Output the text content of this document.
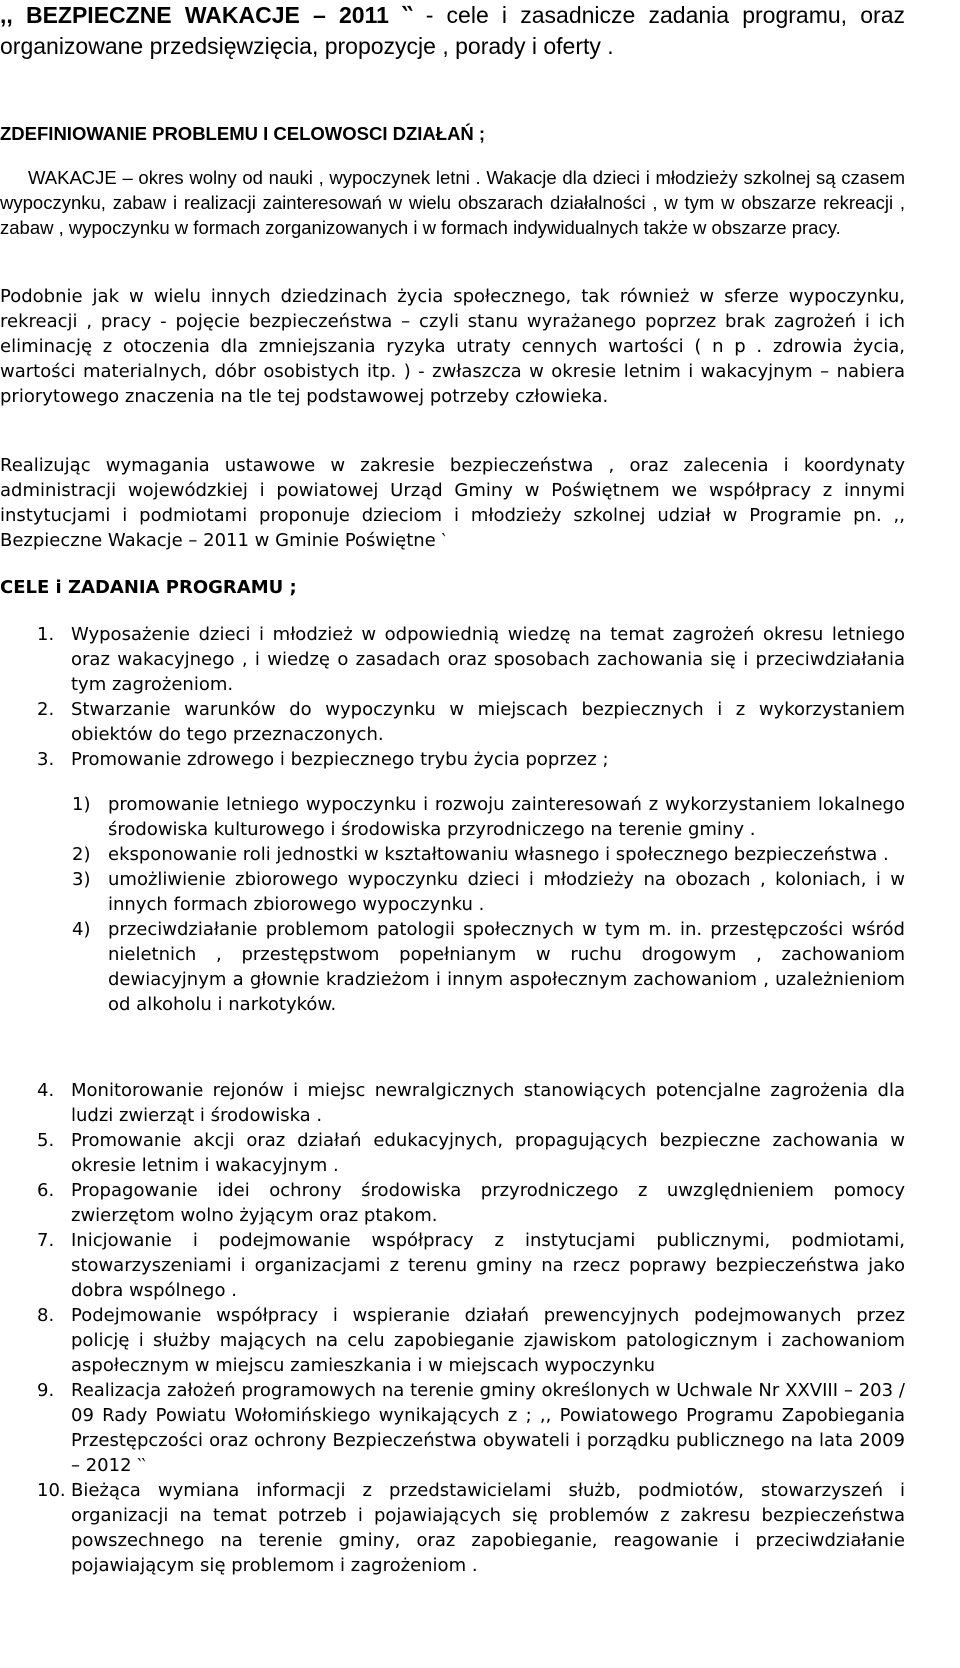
,, BEZPIECZNE WAKACJE – 2011 ‵‵ - cele i zasadnicze zadania programu, oraz organizowane przedsięwzięcia, propozycje , porady i oferty .
ZDEFINIOWANIE PROBLEMU I CELOWOSCI DZIAŁAŃ ;
WAKACJE – okres wolny od nauki , wypoczynek letni . Wakacje dla dzieci i młodzieży szkolnej są czasem wypoczynku, zabaw i realizacji zainteresowań w wielu obszarach działalności , w tym w obszarze rekreacji , zabaw , wypoczynku w formach zorganizowanych i w formach indywidualnych także w obszarze pracy.
Podobnie jak w wielu innych dziedzinach życia społecznego, tak również w sferze wypoczynku, rekreacji , pracy - pojęcie bezpieczeństwa – czyli stanu wyrażanego poprzez brak zagrożeń i ich eliminację z otoczenia dla zmniejszania ryzyka utraty cennych wartości ( n p . zdrowia życia, wartości materialnych, dóbr osobistych itp. ) - zwłaszcza w okresie letnim i wakacyjnym – nabiera priorytowego znaczenia na tle tej podstawowej potrzeby człowieka.
Realizując wymagania ustawowe w zakresie bezpieczeństwa , oraz zalecenia i koordynaty administracji wojewódzkiej i powiatowej Urząd Gminy w Poświętnem we współpracy z innymi instytucjami i podmiotami proponuje dzieciom i młodzieży szkolnej udział w Programie pn. ,, Bezpieczne Wakacje – 2011 w Gminie Poświętne ‵
CELE i ZADANIA PROGRAMU ;
1. Wyposażenie dzieci i młodzież w odpowiednią wiedzę na temat zagrożeń okresu letniego oraz wakacyjnego , i wiedzę o zasadach oraz sposobach zachowania się i przeciwdziałania tym zagrożeniom.
2. Stwarzanie warunków do wypoczynku w miejscach bezpiecznych i z wykorzystaniem obiektów do tego przeznaczonych.
3. Promowanie zdrowego i bezpiecznego trybu życia poprzez ;
1) promowanie letniego wypoczynku i rozwoju zainteresowań z wykorzystaniem lokalnego środowiska kulturowego i środowiska przyrodniczego na terenie gminy .
2) eksponowanie roli jednostki w kształtowaniu własnego i społecznego bezpieczeństwa .
3) umożliwienie zbiorowego wypoczynku dzieci i młodzieży na obozach , koloniach, i w innych formach zbiorowego wypoczynku .
4) przeciwdziałanie problemom patologii społecznych w tym m. in. przestępczości wśród nieletnich , przestępstwom popełnianym w ruchu drogowym , zachowaniom dewiacyjnym a głownie kradzieżom i innym aspołecznym zachowaniom , uzależnieniom od alkoholu i narkotyków.
4. Monitorowanie rejonów i miejsc newralgicznych stanowiących potencjalne zagrożenia dla ludzi zwierząt i środowiska .
5. Promowanie akcji oraz działań edukacyjnych, propagujących bezpieczne zachowania w okresie letnim i wakacyjnym .
6. Propagowanie idei ochrony środowiska przyrodniczego z uwzględnieniem pomocy zwierzętom wolno żyjącym oraz ptakom.
7. Inicjowanie i podejmowanie współpracy z instytucjami publicznymi, podmiotami, stowarzyszeniami i organizacjami z terenu gminy na rzecz poprawy bezpieczeństwa jako dobra wspólnego .
8. Podejmowanie współpracy i wspieranie działań prewencyjnych podejmowanych przez policję i służby mających na celu zapobieganie zjawiskom patologicznym i zachowaniom aspołecznym w miejscu zamieszkania i w miejscach wypoczynku
9. Realizacja założeń programowych na terenie gminy określonych w Uchwale Nr XXVIII – 203 / 09 Rady Powiatu Wołomińskiego wynikających z ; ,, Powiatowego Programu Zapobiegania Przestępczości oraz ochrony Bezpieczeństwa obywateli i porządku publicznego na lata 2009 – 2012 ‵‵
10. Bieżąca wymiana informacji z przedstawicielami służb, podmiotów, stowarzyszeń i organizacji na temat potrzeb i pojawiających się problemów z zakresu bezpieczeństwa powszechnego na terenie gminy, oraz zapobieganie, reagowanie i przeciwdziałanie pojawiającym się problemom i zagrożeniom .
